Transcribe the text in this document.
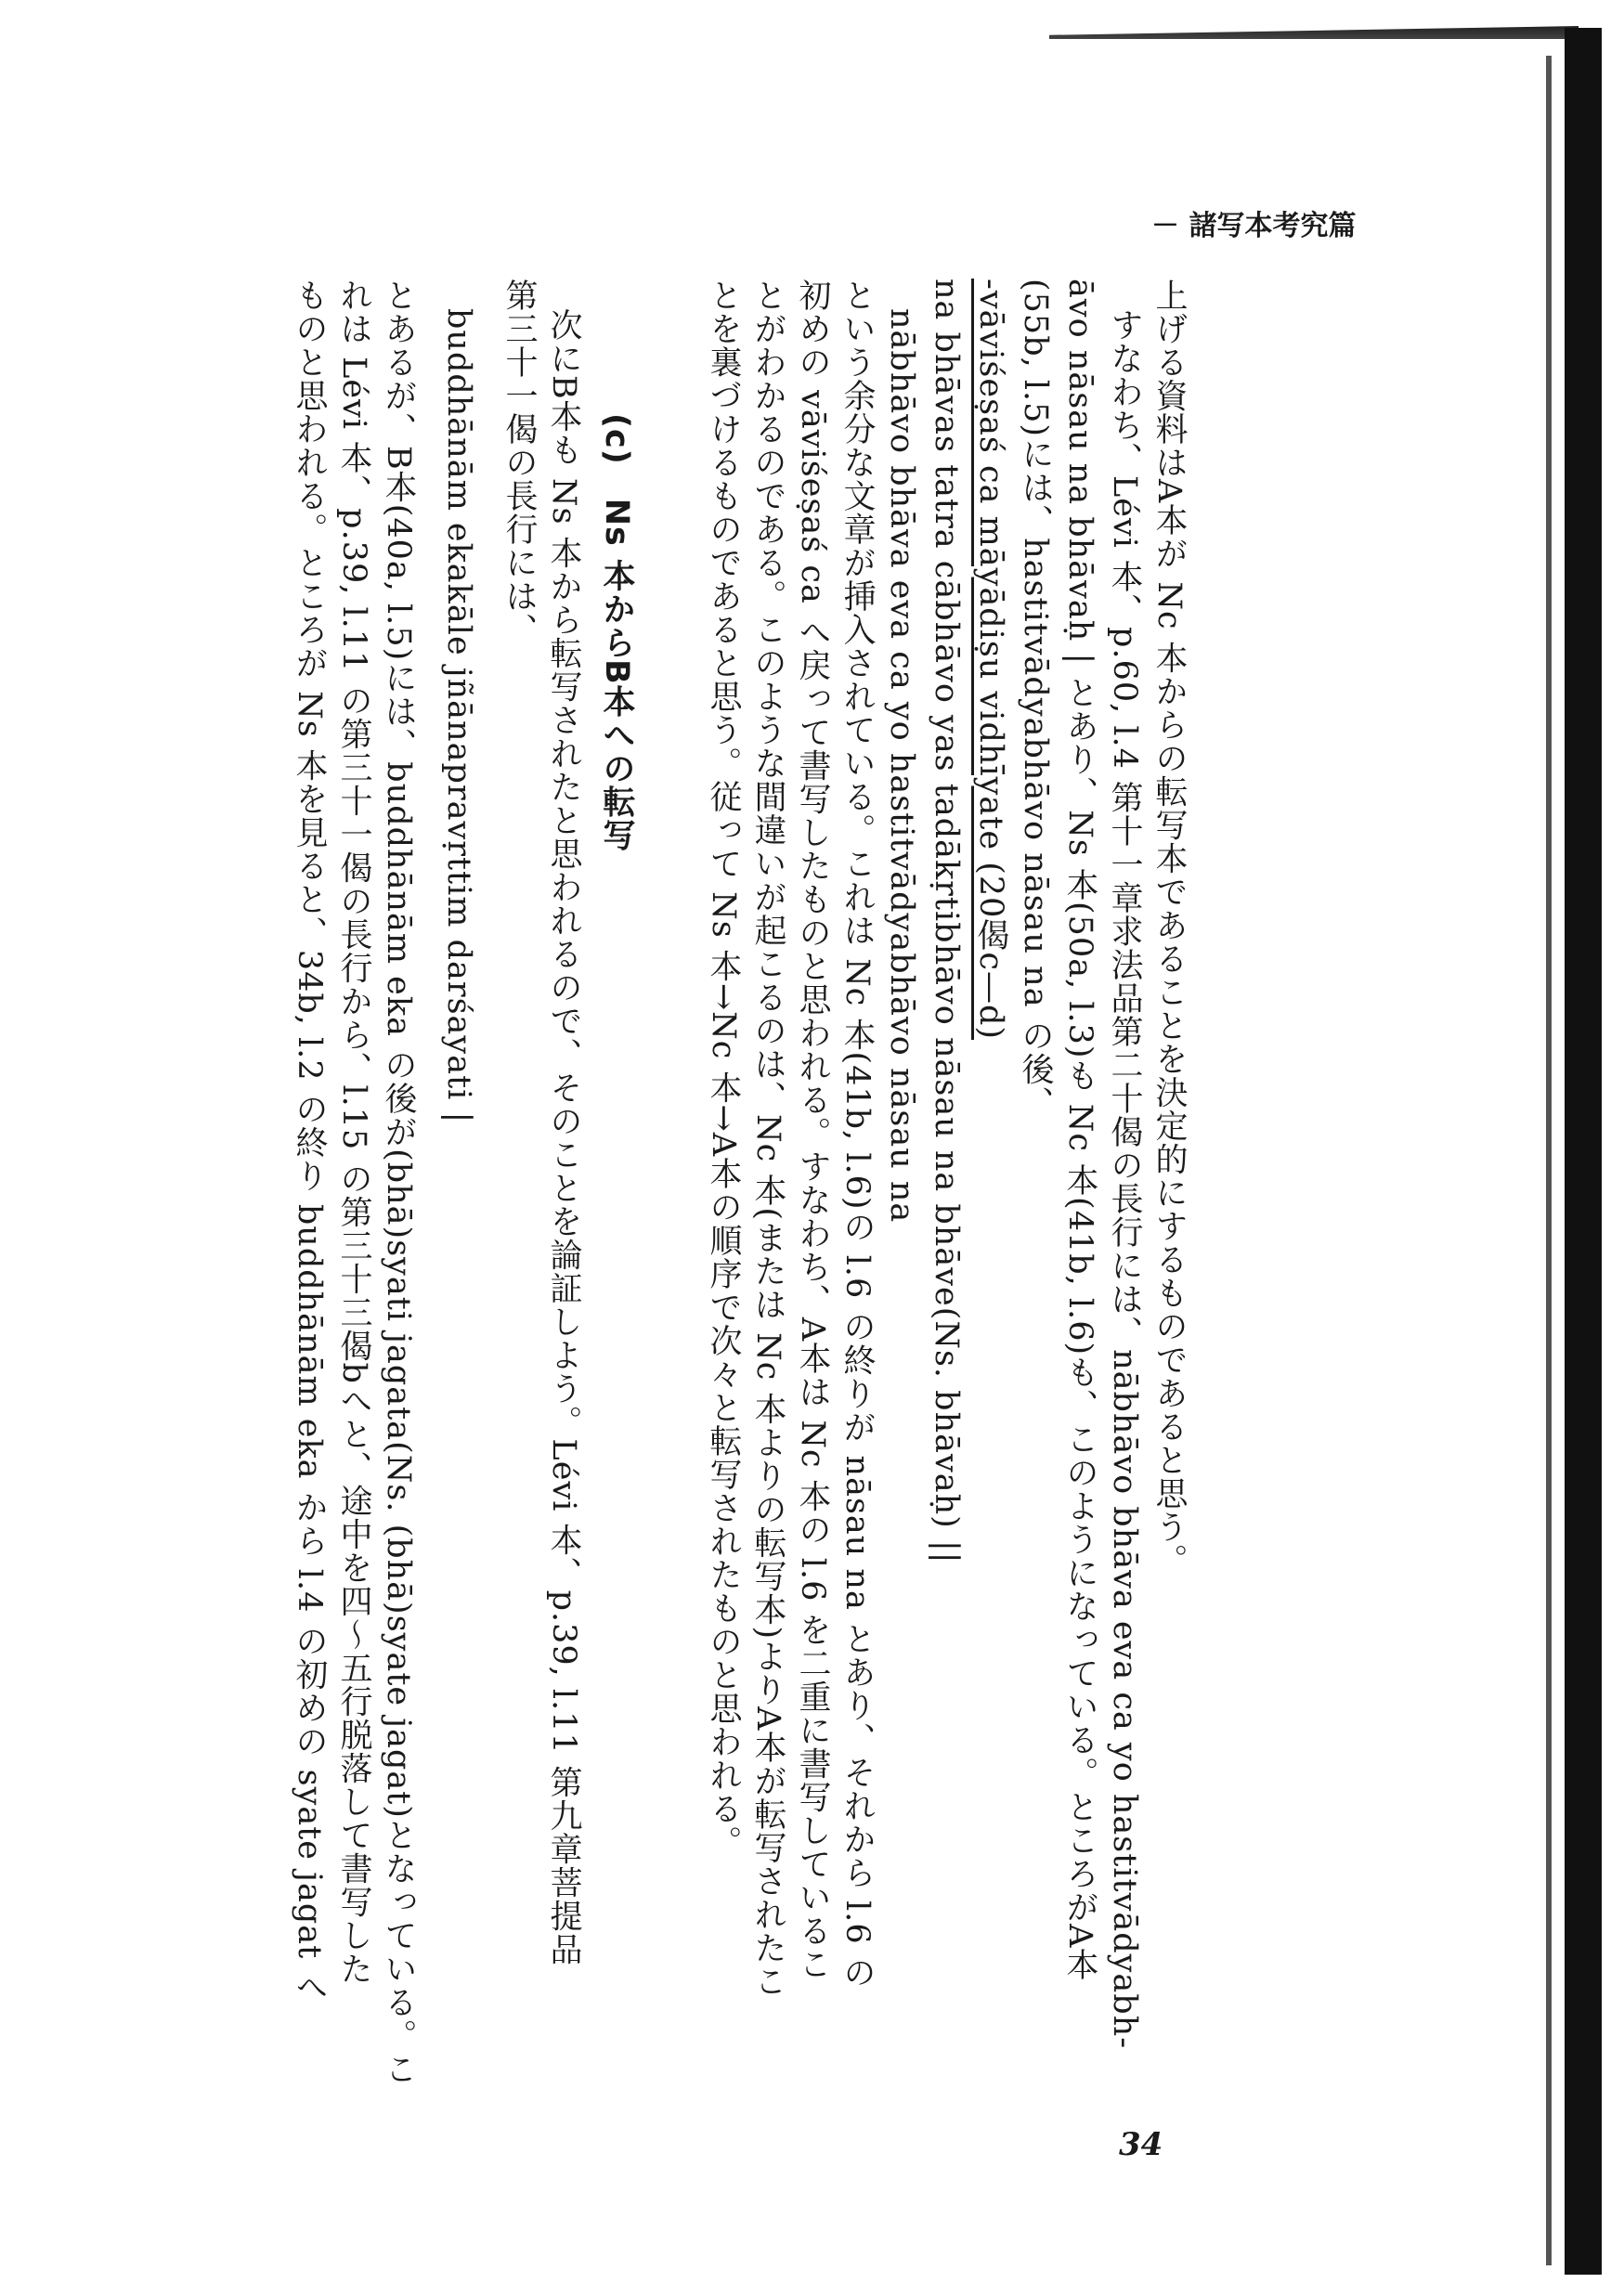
－ 諸写本考究篇
上げる資料はA本が Nc 本からの転写本であることを決定的にするものであると思う。
すなわち、Lévi 本、p.60, l.4 第十一章求法品第二十偈の長行には、nābhāvo bhāva eva ca yo hastitvādyabh-
āvo nāsau na bhāvaḥ | とあり、Ns 本(50a, l.3)も Nc 本(41b, l.6)も、このようになっている。ところがA本
(55b, l.5)には、hastitvādyabhāvo nāsau na の後、
-vāviśeṣaś ca māyādiṣu vidhīyate (20偈c—d)
na bhāvas tatra cābhāvo yas tadākṛtibhāvo nāsau na bhāve(Ns. bhāvaḥ) ||
nābhāvo bhāva eva ca yo hastitvādyabhāvo nāsau na
という余分な文章が挿入されている。これは Nc 本(41b, l.6)の l.6 の終りが nāsau na とあり、それから l.6 の
初めの vāviśeṣaś ca へ戻って書写したものと思われる。すなわち、A本は Nc 本の l.6 を二重に書写しているこ
とがわかるのである。このような間違いが起こるのは、Nc 本(または Nc 本よりの転写本)よりA本が転写されたこ
とを裏づけるものであると思う。従って Ns 本→Nc 本→A本の順序で次々と転写されたものと思われる。
(c)　Ns 本からB本への転写
次にB本も Ns 本から転写されたと思われるので、そのことを論証しよう。Lévi 本、p.39, l.11 第九章菩提品
第三十一偈の長行には、
buddhānām ekakāle jñānapravṛttim darśayati |
とあるが、B本(40a, l.5)には、buddhānām eka の後が(bhā)syati jagata(Ns. (bhā)syate jagat)となっている。こ
れは Lévi 本、p.39, l.11 の第三十一偈の長行から、l.15 の第三十三偈bへと、途中を四～五行脱落して書写した
ものと思われる。ところが Ns 本を見ると、34b, l.2 の終り buddhānām eka から l.4 の初めの syate jagat へ
34
